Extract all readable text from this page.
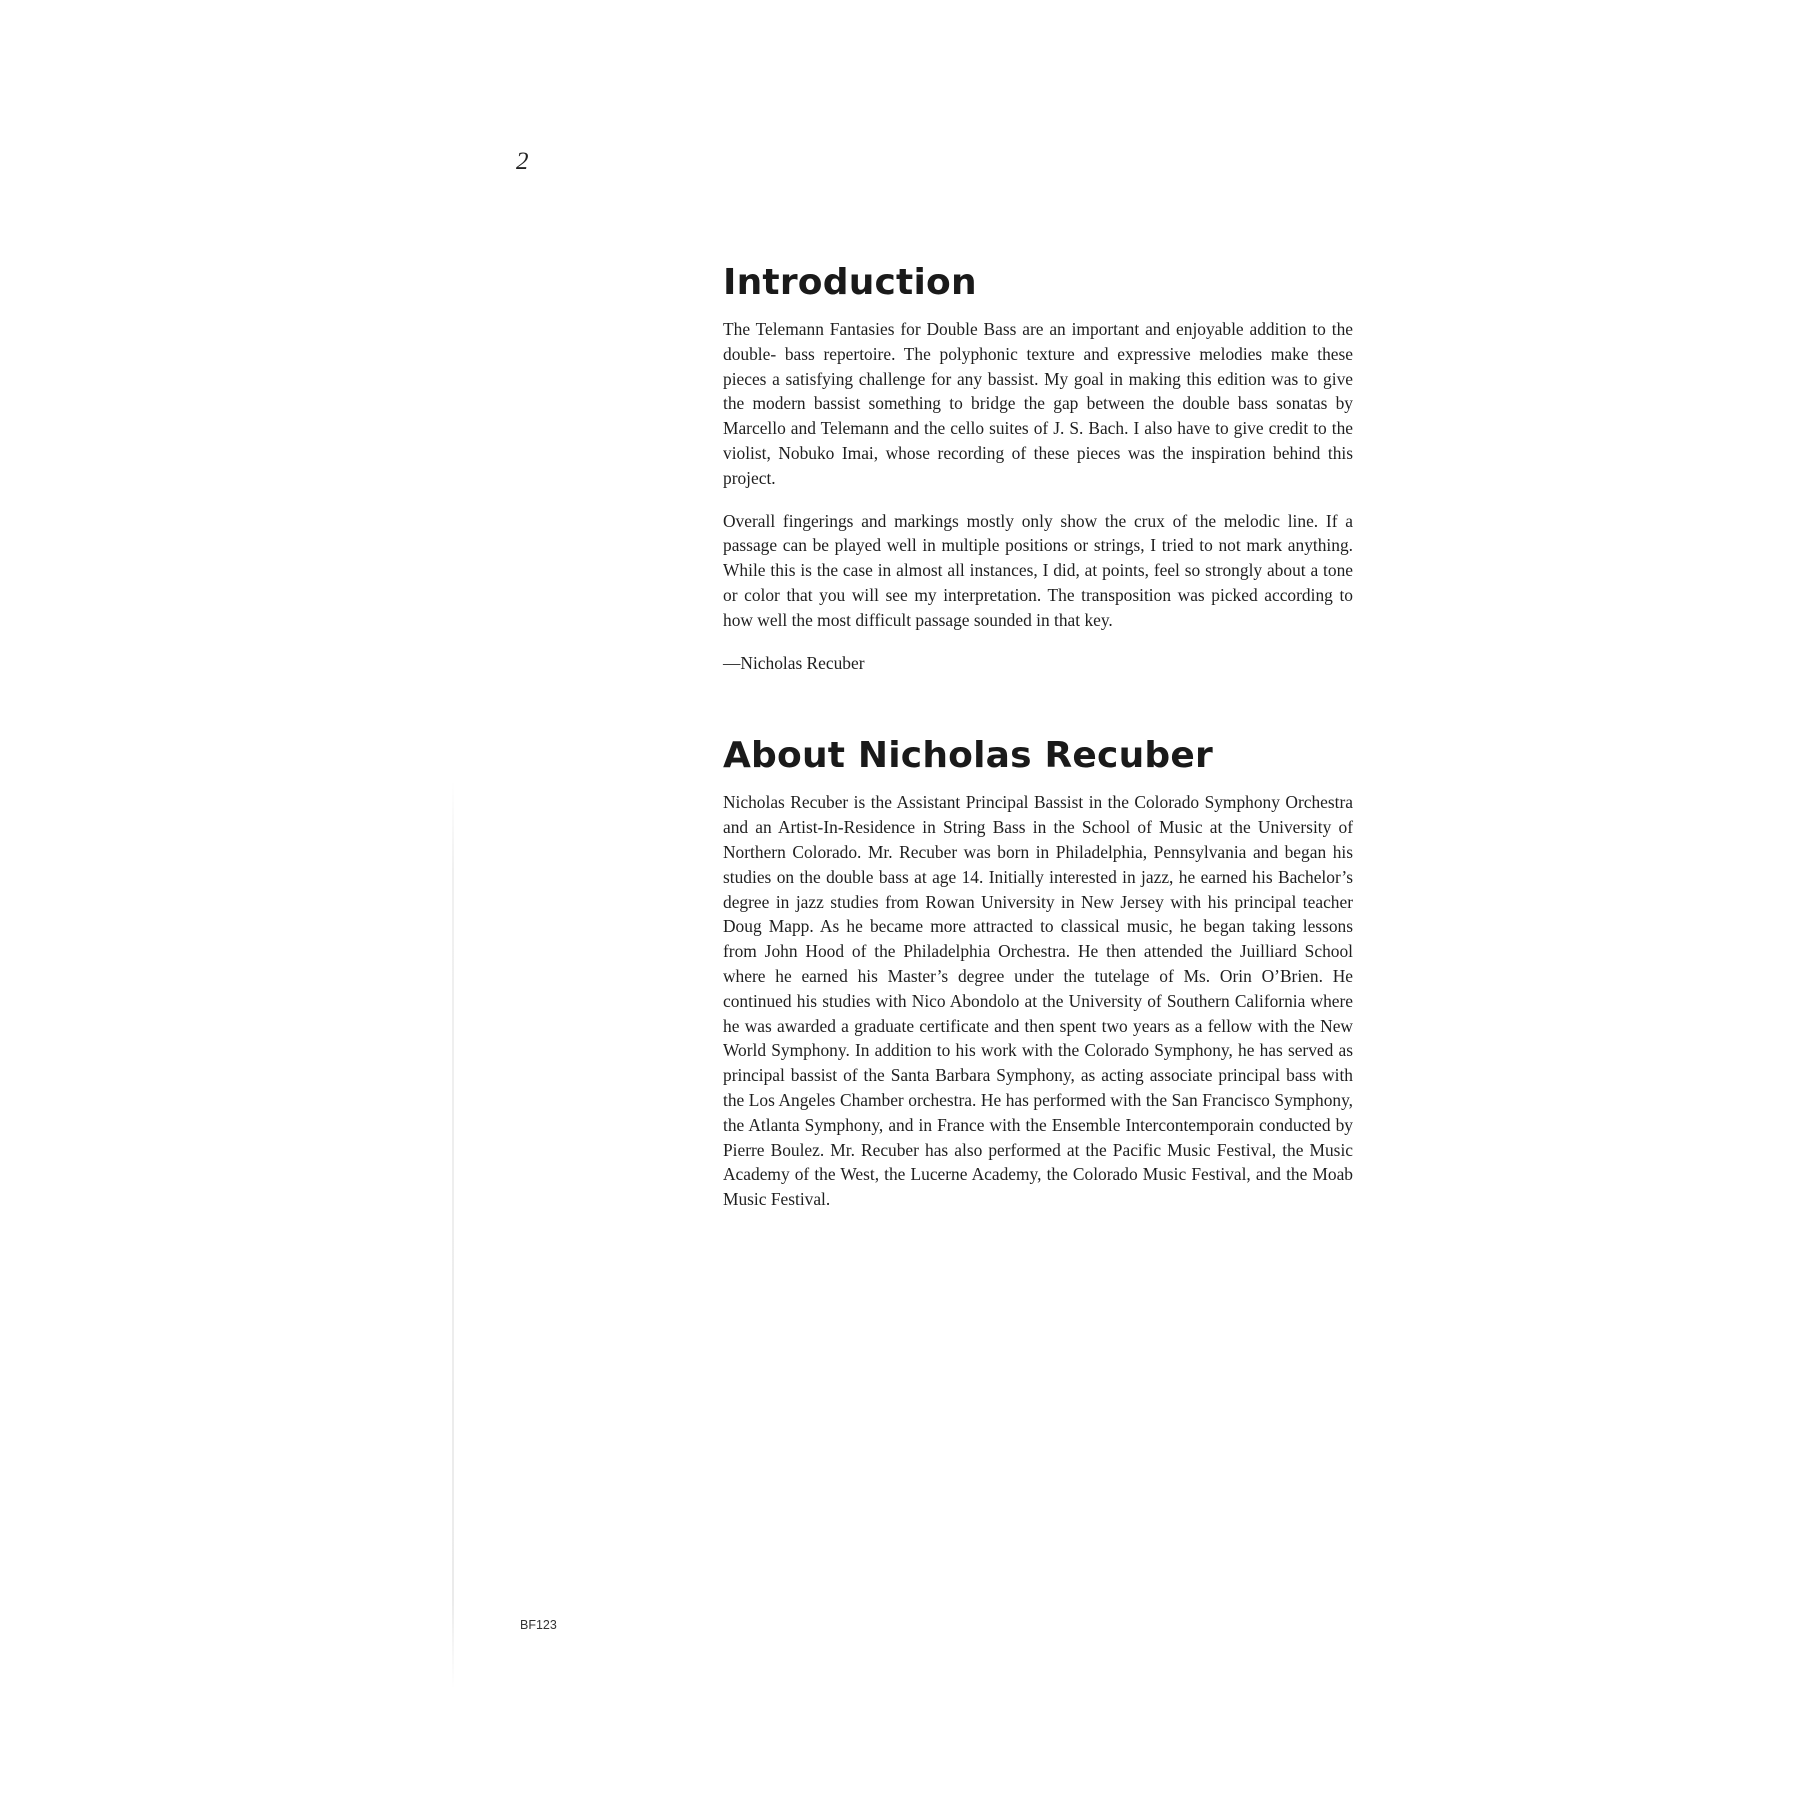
2
Introduction

The Telemann Fantasies for Double Bass are an important and enjoyable addition to the double- bass repertoire. The polyphonic texture and expressive melodies make these pieces a satisfying challenge for any bassist. My goal in making this edition was to give the modern bassist something to bridge the gap between the double bass sonatas by Marcello and Telemann and the cello suites of J. S. Bach. I also have to give credit to the violist, Nobuko Imai, whose recording of these pieces was the inspiration behind this project.

Overall fingerings and markings mostly only show the crux of the melodic line. If a passage can be played well in multiple positions or strings, I tried to not mark anything. While this is the case in almost all instances, I did, at points, feel so strongly about a tone or color that you will see my interpretation. The transposition was picked according to how well the most difficult passage sounded in that key.

—Nicholas Recuber

About Nicholas Recuber

Nicholas Recuber is the Assistant Principal Bassist in the Colorado Symphony Orchestra and an Artist-In-Residence in String Bass in the School of Music at the University of Northern Colorado. Mr. Recuber was born in Philadelphia, Pennsylvania and began his studies on the double bass at age 14. Initially interested in jazz, he earned his Bachelor’s degree in jazz studies from Rowan University in New Jersey with his principal teacher Doug Mapp. As he became more attracted to classical music, he began taking lessons from John Hood of the Philadelphia Orchestra. He then attended the Juilliard School where he earned his Master’s degree under the tutelage of Ms. Orin O’Brien. He continued his studies with Nico Abondolo at the University of Southern California where he was awarded a graduate certificate and then spent two years as a fellow with the New World Symphony. In addition to his work with the Colorado Symphony, he has served as principal bassist of the Santa Barbara Symphony, as acting associate principal bass with the Los Angeles Chamber orchestra. He has performed with the San Francisco Symphony, the Atlanta Symphony, and in France with the Ensemble Intercontemporain conducted by Pierre Boulez. Mr. Recuber has also performed at the Pacific Music Festival, the Music Academy of the West, the Lucerne Academy, the Colorado Music Festival, and the Moab Music Festival.

BF123
